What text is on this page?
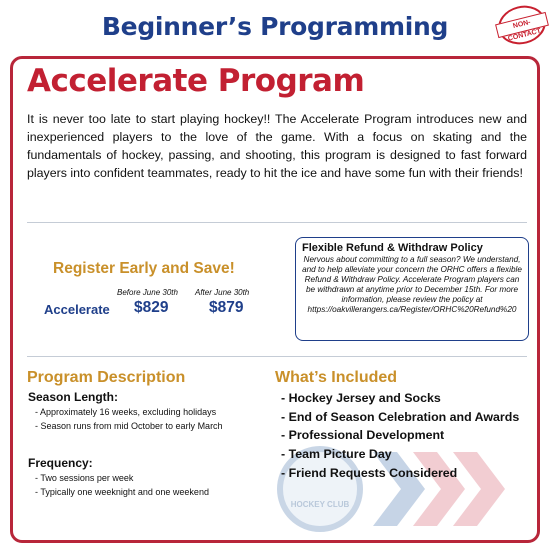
Beginner’s Programming	NON-CONTACT
HOCKEY CLUB
Accelerate Program
It is never too late to start playing hockey!! The Accelerate Program introduces new and inexperienced players to the love of the game. With a focus on skating and the fundamentals of hockey, passing, and shooting, this program is designed to fast forward players into confident teammates, ready to hit the ice and have some fun with their friends!
Register Early and Save!
Before June 30th After June 30th
Accelerate $829	$879
Flexible Refund & Withdraw Policy

Nervous about committing to a full season? We understand, and to help alleviate your concern the ORHC offers a flexible Refund & Withdraw Policy. Accelerate Program players can be withdrawn at anytime prior to December 15th. For more information, please review the policy at https://oakvillerangers.ca/Register/ORHC%20Refund%20

Program Description
Season Length:
- Approximately 16 weeks, excluding holidays
- Season runs from mid October to early March
Frequency:
- Two sessions per week
- Typically one weeknight and one weekend
What’s Included
- Hockey Jersey and Socks
- End of Season Celebration and Awards
- Professional Development
- Team Picture Day
- Friend Requests Considered
